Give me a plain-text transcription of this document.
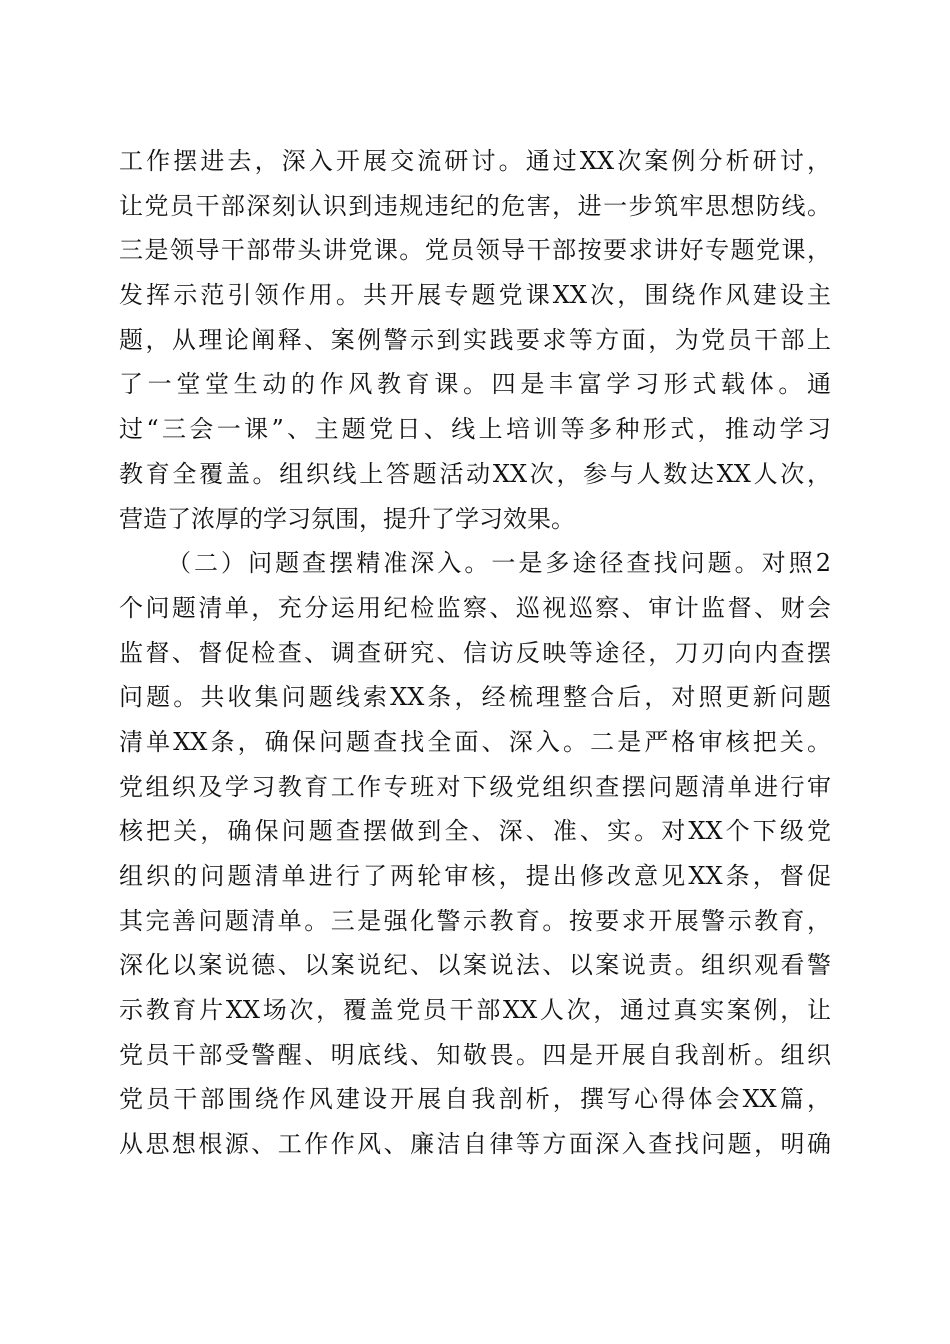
工作摆进去，深入开展交流研讨。通过XX次案例分析研讨，
让党员干部深刻认识到违规违纪的危害，进一步筑牢思想防线。
三是领导干部带头讲党课。党员领导干部按要求讲好专题党课，
发挥示范引领作用。共开展专题党课XX次，围绕作风建设主
题，从理论阐释、案例警示到实践要求等方面，为党员干部上
了一堂堂生动的作风教育课。四是丰富学习形式载体。通
过“三会一课”、主题党日、线上培训等多种形式，推动学习
教育全覆盖。组织线上答题活动XX次，参与人数达XX人次，
营造了浓厚的学习氛围，提升了学习效果。
（二）问题查摆精准深入。一是多途径查找问题。对照2
个问题清单，充分运用纪检监察、巡视巡察、审计监督、财会
监督、督促检查、调查研究、信访反映等途径，刀刃向内查摆
问题。共收集问题线索XX条，经梳理整合后，对照更新问题
清单XX条，确保问题查找全面、深入。二是严格审核把关。
党组织及学习教育工作专班对下级党组织查摆问题清单进行审
核把关，确保问题查摆做到全、深、准、实。对XX个下级党
组织的问题清单进行了两轮审核，提出修改意见XX条，督促
其完善问题清单。三是强化警示教育。按要求开展警示教育，
深化以案说德、以案说纪、以案说法、以案说责。组织观看警
示教育片XX场次，覆盖党员干部XX人次，通过真实案例，让
党员干部受警醒、明底线、知敬畏。四是开展自我剖析。组织
党员干部围绕作风建设开展自我剖析，撰写心得体会XX篇，
从思想根源、工作作风、廉洁自律等方面深入查找问题，明确
